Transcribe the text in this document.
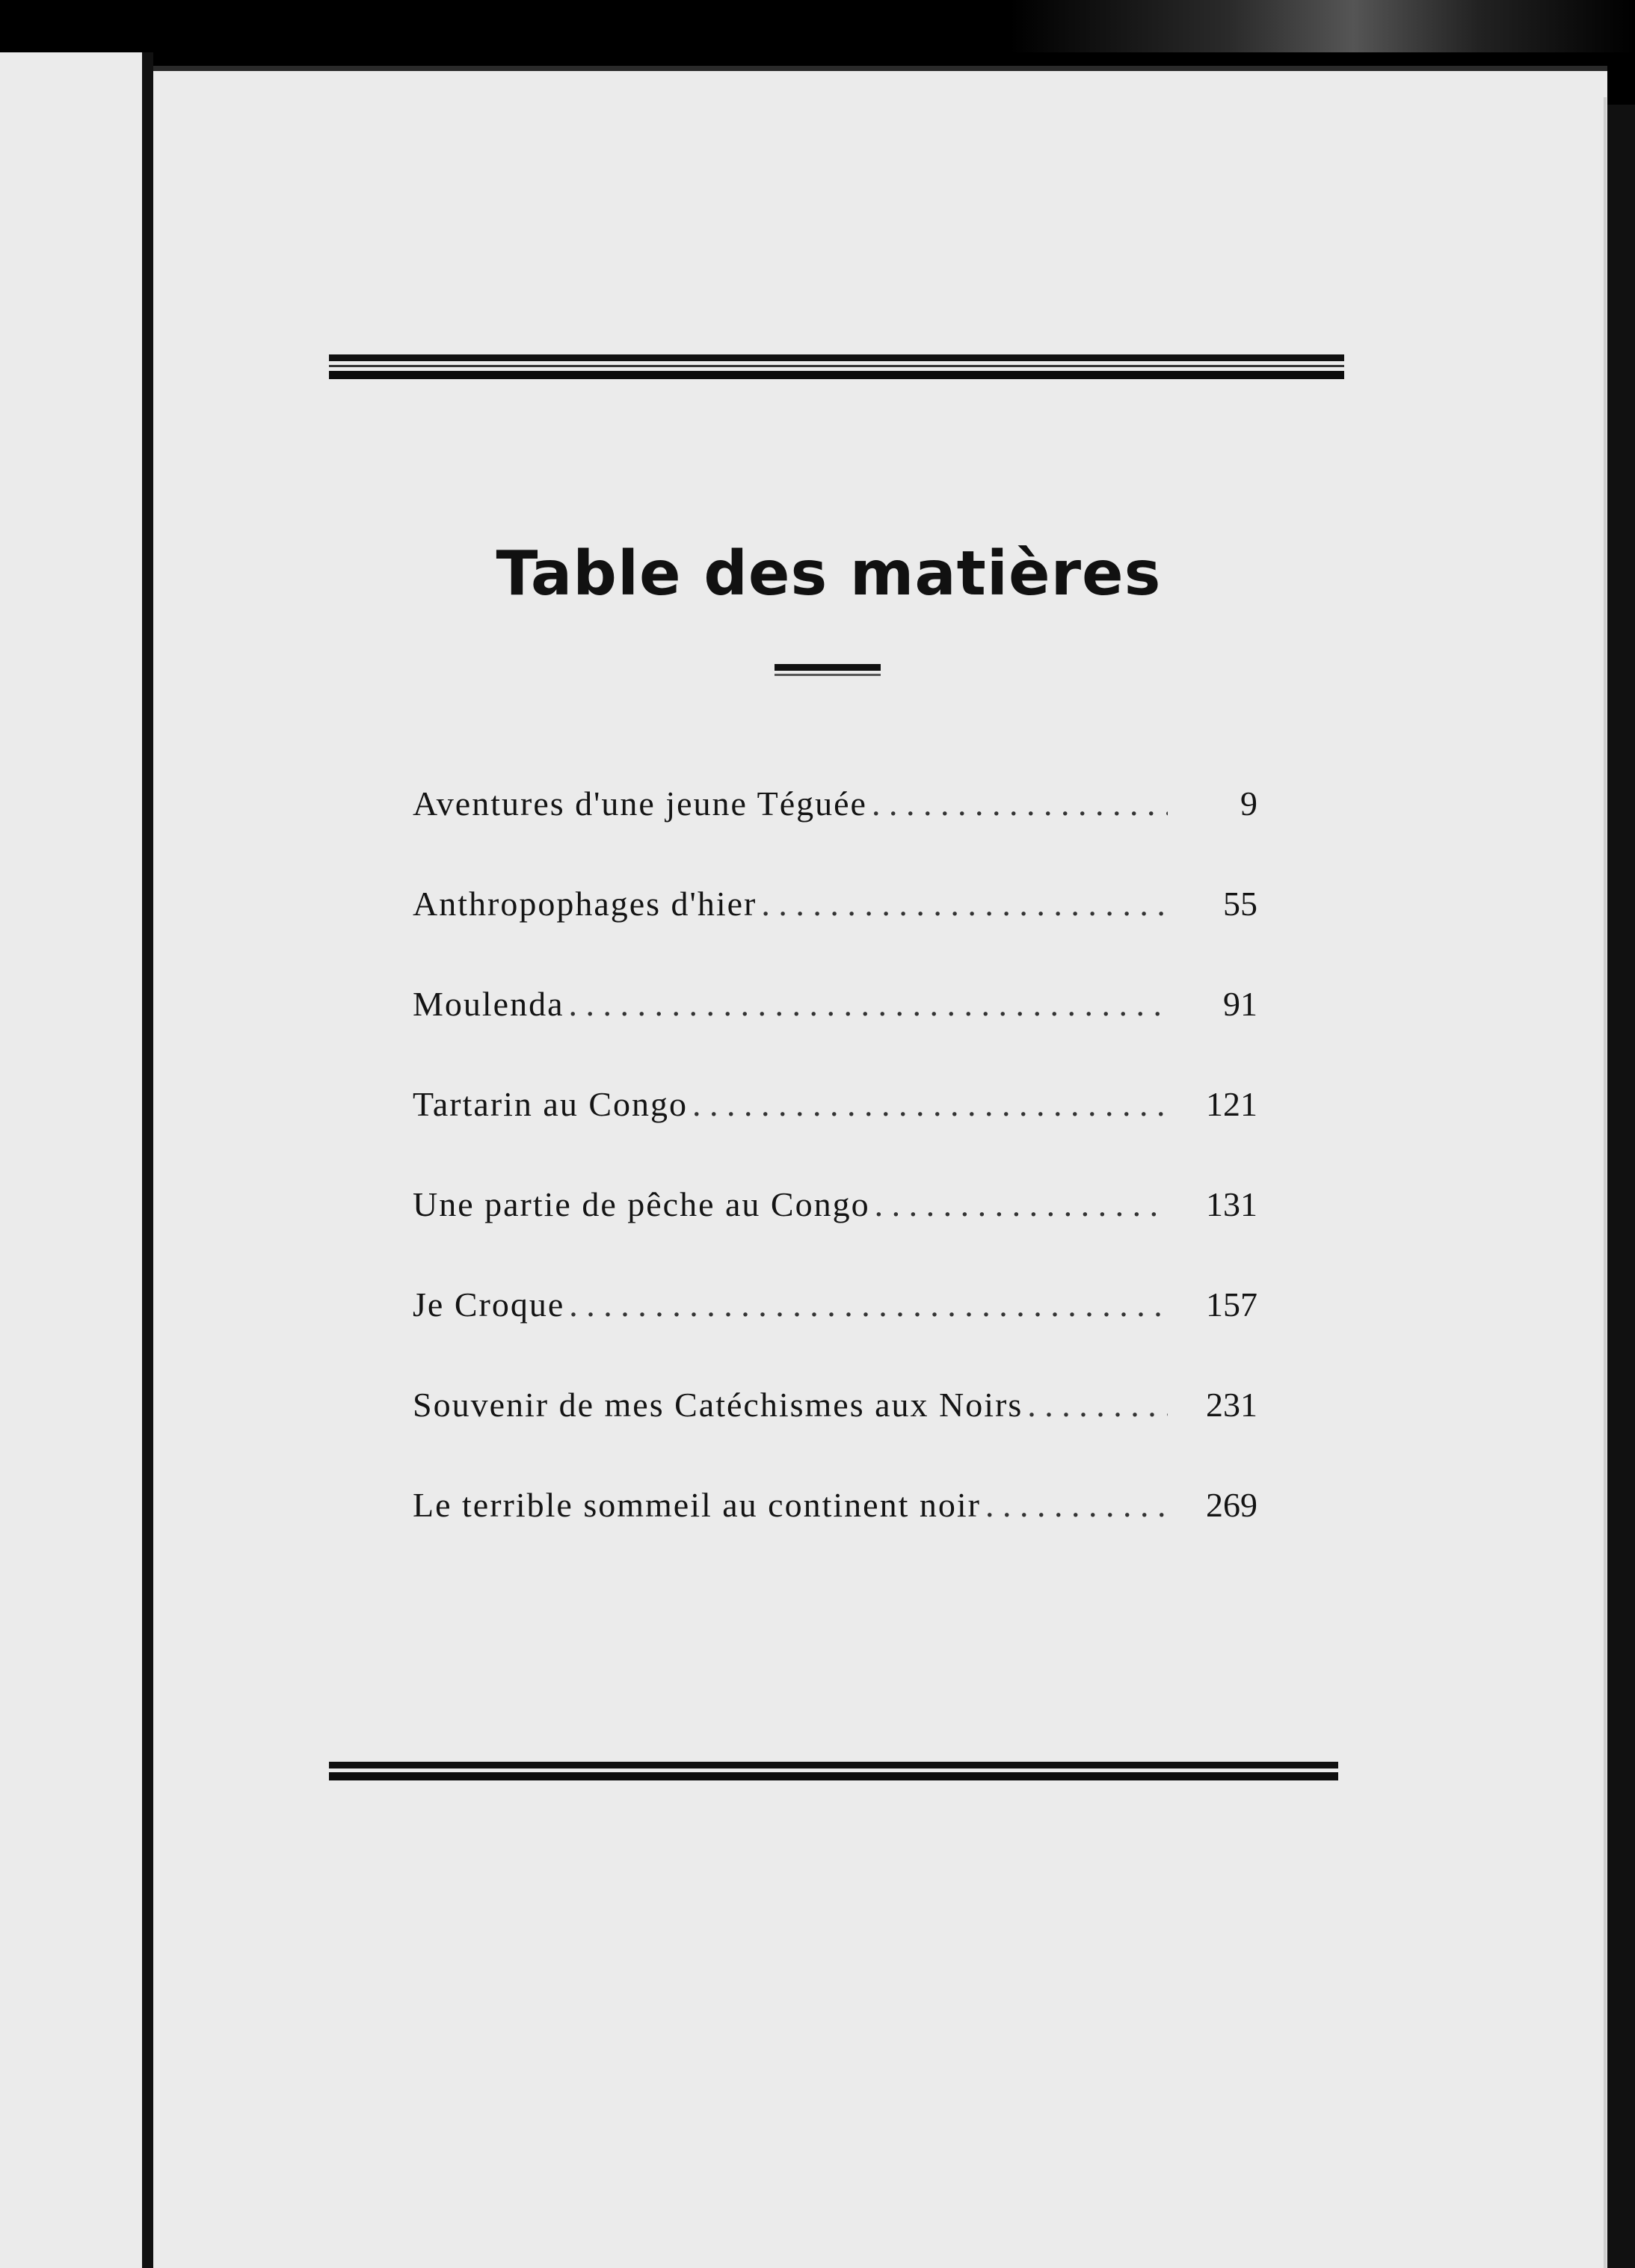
Table des matières
Aventures d'une jeune Téguée . . .	9
Anthropophages d'hier . . .	55
Moulenda . . .	91
Tartarin au Congo . . .	121
Une partie de pêche au Congo . . .	131
Je Croque . . .	157
Souvenir de mes Catéchismes aux Noirs . . .	231
Le terrible sommeil au continent noir . . .	269
